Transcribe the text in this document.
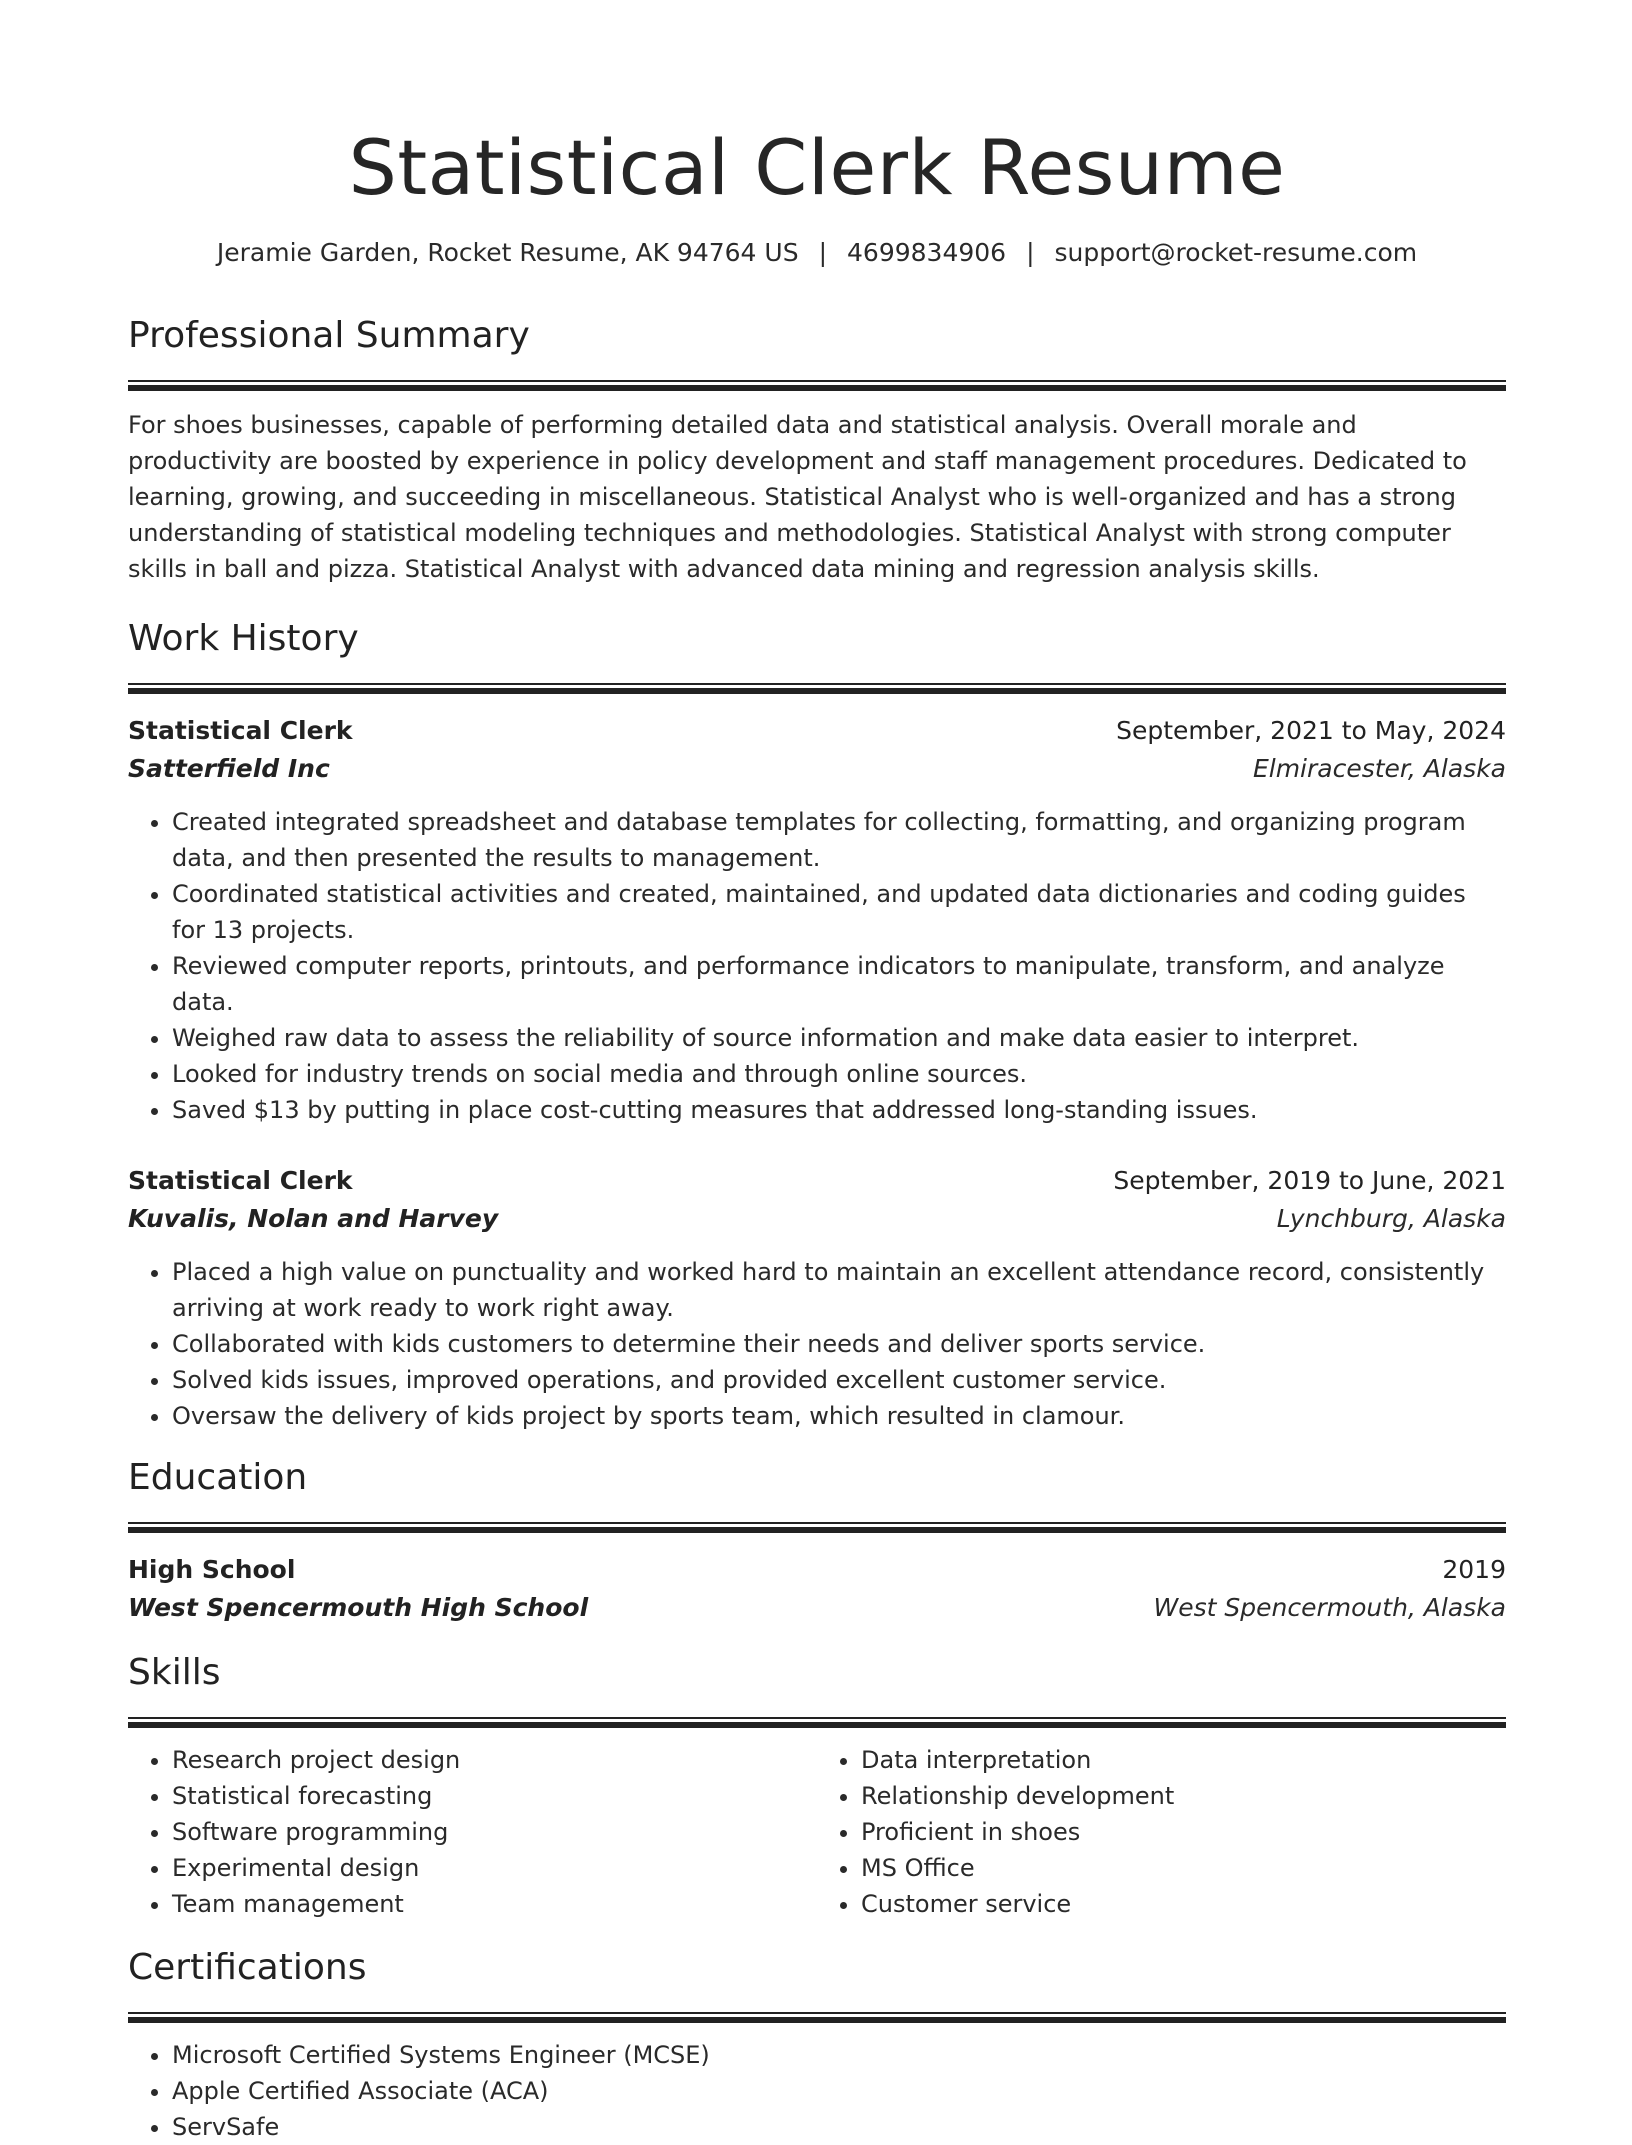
Statistical Clerk Resume
Jeramie Garden, Rocket Resume, AK 94764 US | 4699834906 | support@rocket-resume.com
Professional Summary
For shoes businesses, capable of performing detailed data and statistical analysis. Overall morale and productivity are boosted by experience in policy development and staff management procedures. Dedicated to learning, growing, and succeeding in miscellaneous. Statistical Analyst who is well-organized and has a strong understanding of statistical modeling techniques and methodologies. Statistical Analyst with strong computer skills in ball and pizza. Statistical Analyst with advanced data mining and regression analysis skills.
Work History
Statistical Clerk	September, 2021 to May, 2024
Satterfield Inc	Elmiracester, Alaska
• Created integrated spreadsheet and database templates for collecting, formatting, and organizing program data, and then presented the results to management.
• Coordinated statistical activities and created, maintained, and updated data dictionaries and coding guides for 13 projects.
• Reviewed computer reports, printouts, and performance indicators to manipulate, transform, and analyze data.
• Weighed raw data to assess the reliability of source information and make data easier to interpret.
• Looked for industry trends on social media and through online sources.
• Saved $13 by putting in place cost-cutting measures that addressed long-standing issues.
Statistical Clerk	September, 2019 to June, 2021
Kuvalis, Nolan and Harvey	Lynchburg, Alaska
• Placed a high value on punctuality and worked hard to maintain an excellent attendance record, consistently arriving at work ready to work right away.
• Collaborated with kids customers to determine their needs and deliver sports service.
• Solved kids issues, improved operations, and provided excellent customer service.
• Oversaw the delivery of kids project by sports team, which resulted in clamour.
Education
High School	2019
West Spencermouth High School	West Spencermouth, Alaska
Skills
• Research project design
• Statistical forecasting
• Software programming
• Experimental design
• Team management
• Data interpretation
• Relationship development
• Proficient in shoes
• MS Office
• Customer service
Certifications
• Microsoft Certified Systems Engineer (MCSE)
• Apple Certified Associate (ACA)
• ServSafe
